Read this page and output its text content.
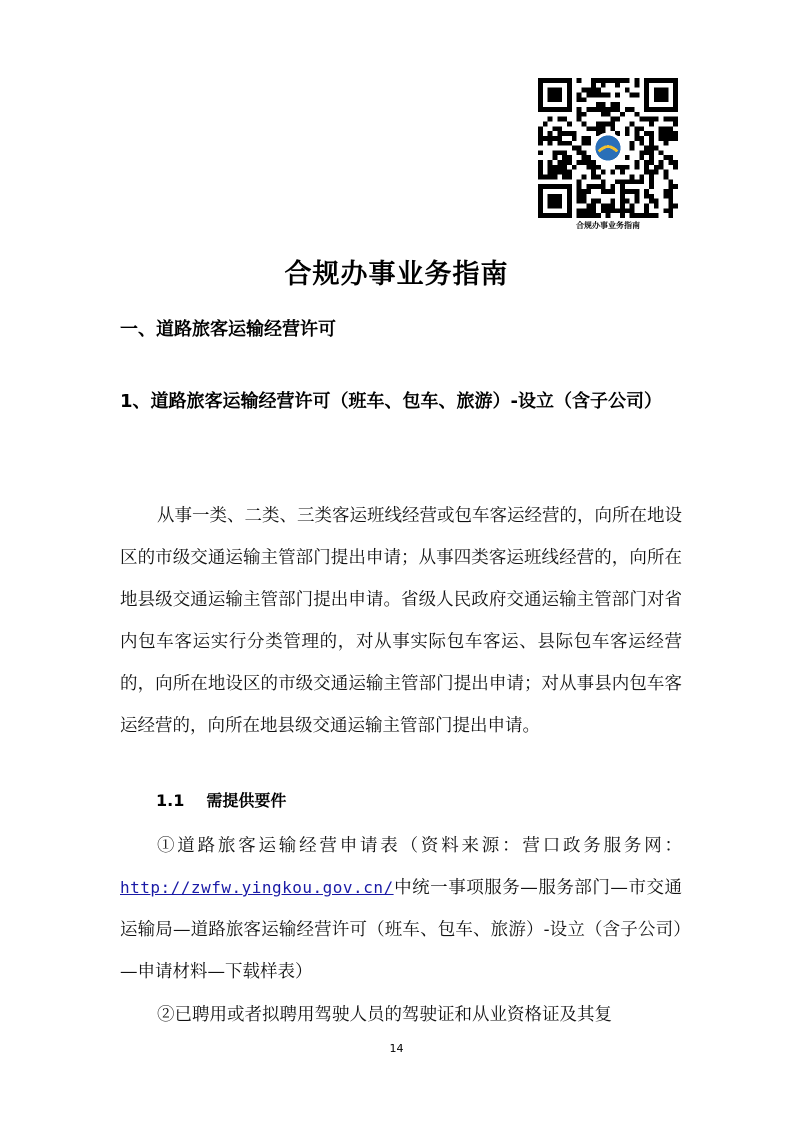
合规办事业务指南
合规办事业务指南
一、道路旅客运输经营许可
1、道路旅客运输经营许可（班车、包车、旅游）-设立（含子公司）
从事一类、二类、三类客运班线经营或包车客运经营的，向所在地设区的市级交通运输主管部门提出申请；从事四类客运班线经营的，向所在地县级交通运输主管部门提出申请。省级人民政府交通运输主管部门对省内包车客运实行分类管理的，对从事实际包车客运、县际包车客运经营的，向所在地设区的市级交通运输主管部门提出申请；对从事县内包车客运经营的，向所在地县级交通运输主管部门提出申请。
1.1 需提供要件
①道路旅客运输经营申请表（资料来源：营口政务服务网：http://zwfw.yingkou.gov.cn/中统一事项服务—服务部门—市交通运输局—道路旅客运输经营许可（班车、包车、旅游）-设立（含子公司）—申请材料—下载样表）
②已聘用或者拟聘用驾驶人员的驾驶证和从业资格证及其复
14
